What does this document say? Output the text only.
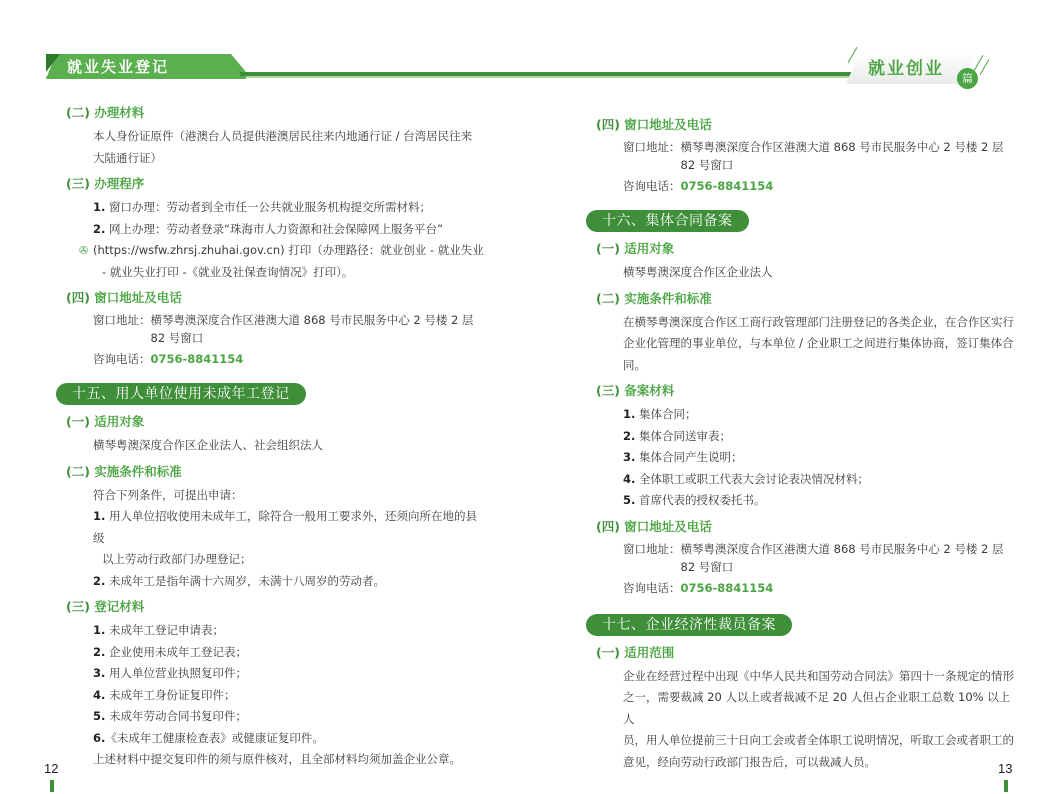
就业失业登记	就业创业	篇
(二) 办理材料
本人身份证原件（港澳台人员提供港澳居民往来内地通行证 / 台湾居民往来
大陆通行证）
(三) 办理程序
1. 窗口办理：劳动者到全市任一公共就业服务机构提交所需材料；
2. 网上办理：劳动者登录“珠海市人力资源和社会保障网上服务平台”
✇ (https://wsfw.zhrsj.zhuhai.gov.cn) 打印（办理路径：就业创业 - 就业失业
- 就业失业打印 -《就业及社保查询情况》打印）。
(四) 窗口地址及电话
窗口地址： 横琴粤澳深度合作区港澳大道 868 号市民服务中心 2 号楼 2 层
82 号窗口
咨询电话：0756-8841154
十五、用人单位使用未成年工登记
(一) 适用对象
横琴粤澳深度合作区企业法人、社会组织法人
(二) 实施条件和标准
符合下列条件，可提出申请：
1. 用人单位招收使用未成年工，除符合一般用工要求外，还须向所在地的县级
以上劳动行政部门办理登记；
2. 未成年工是指年满十六周岁，未满十八周岁的劳动者。
(三) 登记材料
1. 未成年工登记申请表；
2. 企业使用未成年工登记表；
3. 用人单位营业执照复印件；
4. 未成年工身份证复印件；
5. 未成年劳动合同书复印件；
6.《未成年工健康检查表》或健康证复印件。
上述材料中提交复印件的须与原件核对，且全部材料均须加盖企业公章。
12
(四) 窗口地址及电话
窗口地址： 横琴粤澳深度合作区港澳大道 868 号市民服务中心 2 号楼 2 层
82 号窗口
咨询电话：0756-8841154
十六、集体合同备案
(一) 适用对象
横琴粤澳深度合作区企业法人
(二) 实施条件和标准
在横琴粤澳深度合作区工商行政管理部门注册登记的各类企业，在合作区实行
企业化管理的事业单位，与本单位 / 企业职工之间进行集体协商，签订集体合同。
(三) 备案材料
1. 集体合同；
2. 集体合同送审表；
3. 集体合同产生说明；
4. 全体职工或职工代表大会讨论表决情况材料；
5. 首席代表的授权委托书。
(四) 窗口地址及电话
窗口地址： 横琴粤澳深度合作区港澳大道 868 号市民服务中心 2 号楼 2 层
82 号窗口
咨询电话：0756-8841154
十七、企业经济性裁员备案
(一) 适用范围
企业在经营过程中出现《中华人民共和国劳动合同法》第四十一条规定的情形
之一，需要裁减 20 人以上或者裁减不足 20 人但占企业职工总数 10% 以上人
员，用人单位提前三十日向工会或者全体职工说明情况，听取工会或者职工的
意见，经向劳动行政部门报告后，可以裁减人员。	13
